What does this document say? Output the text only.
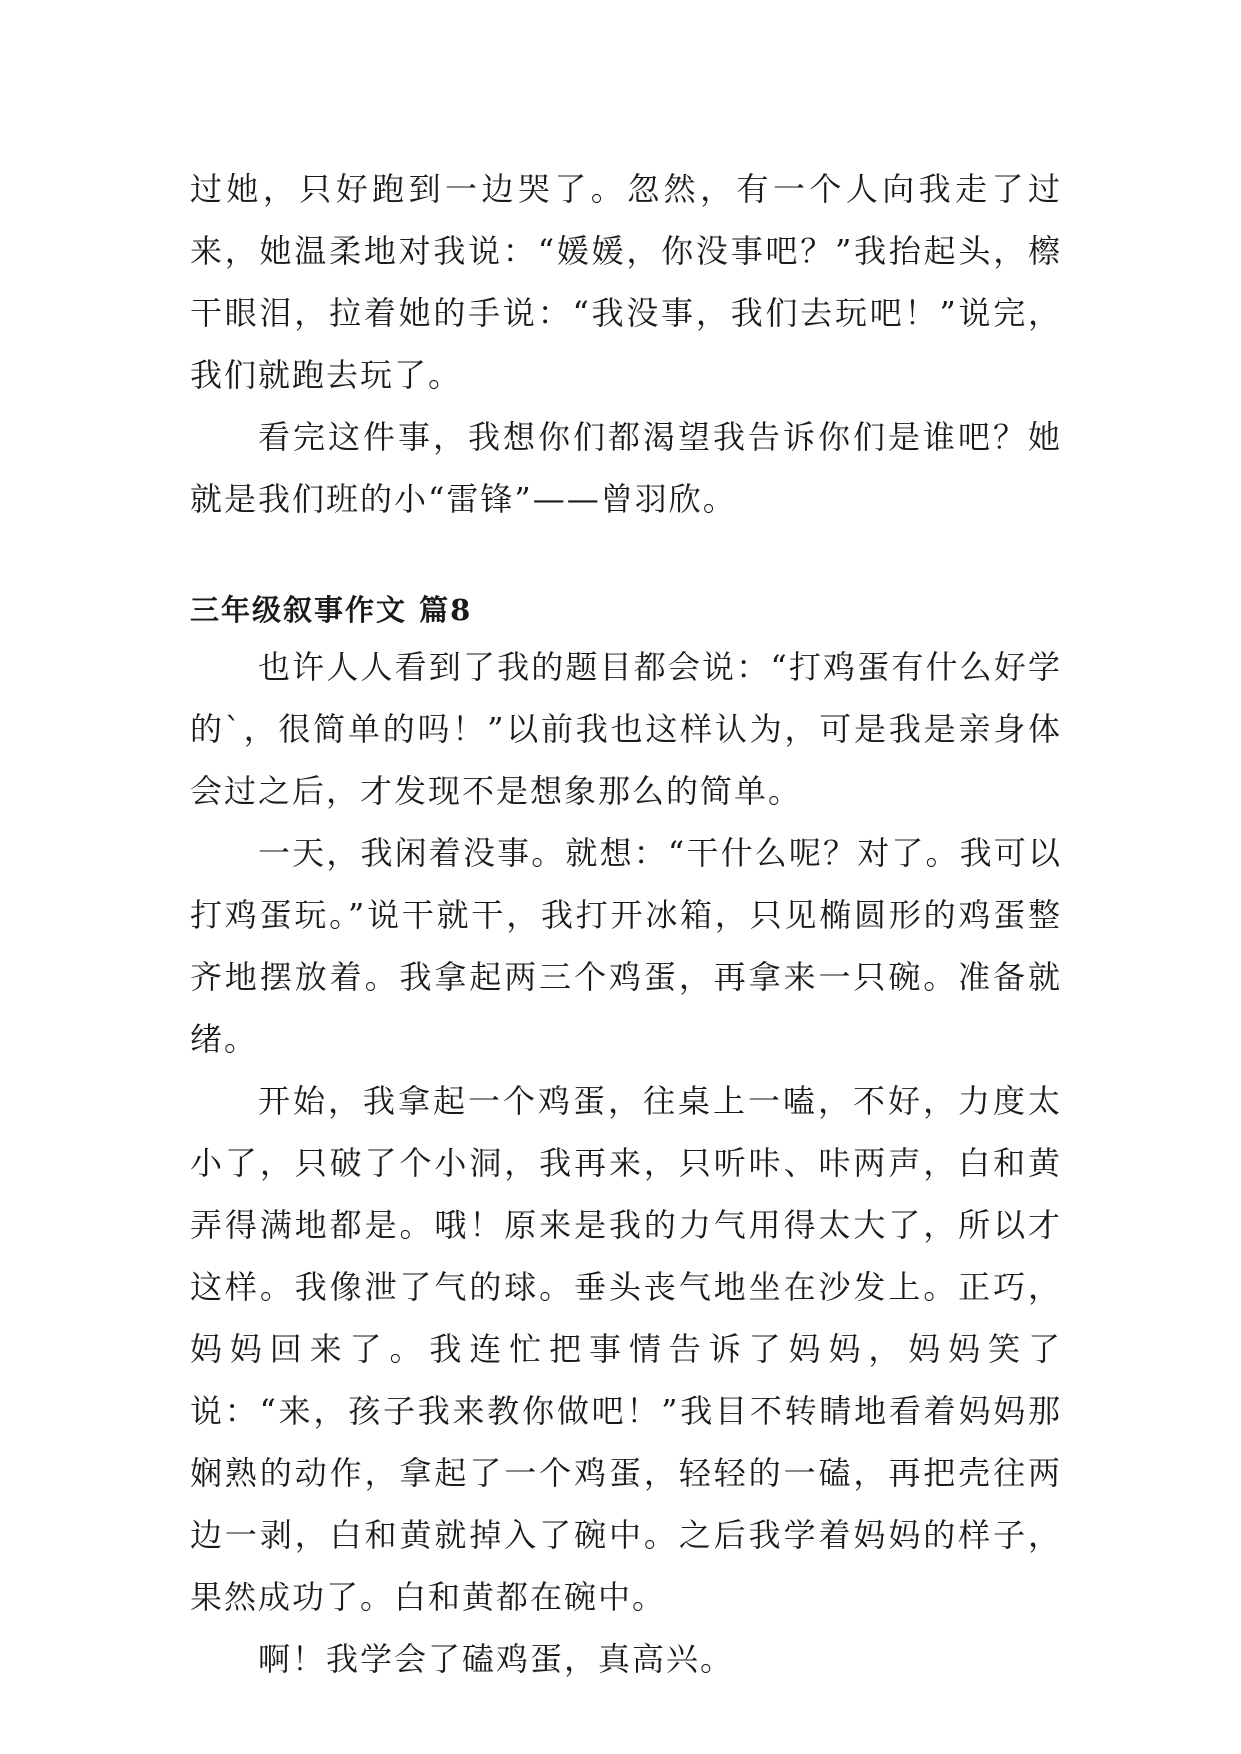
过她，只好跑到一边哭了。忽然，有一个人向我走了过来，她温柔地对我说：“媛媛，你没事吧？”我抬起头，檫干眼泪，拉着她的手说：“我没事，我们去玩吧！”说完，我们就跑去玩了。

看完这件事，我想你们都渴望我告诉你们是谁吧？她就是我们班的小“雷锋”——曾羽欣。

三年级叙事作文 篇8

也许人人看到了我的题目都会说：“打鸡蛋有什么好学的`，很简单的吗！”以前我也这样认为，可是我是亲身体会过之后，才发现不是想象那么的简单。

一天，我闲着没事。就想：“干什么呢？对了。我可以打鸡蛋玩。”说干就干，我打开冰箱，只见椭圆形的鸡蛋整齐地摆放着。我拿起两三个鸡蛋，再拿来一只碗。准备就绪。

开始，我拿起一个鸡蛋，往桌上一嗑，不好，力度太小了，只破了个小洞，我再来，只听咔、咔两声，白和黄弄得满地都是。哦！原来是我的力气用得太大了，所以才这样。我像泄了气的球。垂头丧气地坐在沙发上。正巧，妈妈回来了。我连忙把事情告诉了妈妈，妈妈笑了说：“来，孩子我来教你做吧！”我目不转睛地看着妈妈那娴熟的动作，拿起了一个鸡蛋，轻轻的一磕，再把壳往两边一剥，白和黄就掉入了碗中。之后我学着妈妈的样子，果然成功了。白和黄都在碗中。

啊！我学会了磕鸡蛋，真高兴。
